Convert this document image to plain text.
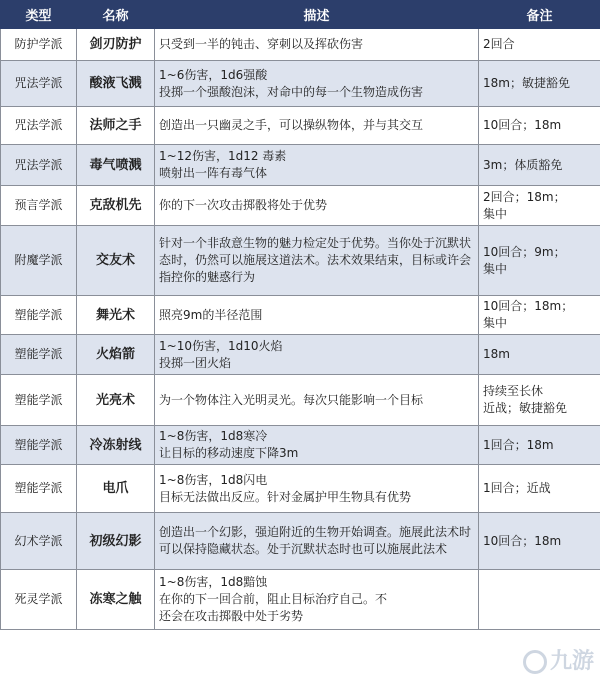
类型	名称	描述	备注
防护学派	剑刃防护	只受到一半的钝击、穿刺以及挥砍伤害	2回合

咒法学派	酸液飞溅	1~6伤害，1d6强酸
投掷一个强酸泡沫，对命中的每一个生物造成伤害	18m；敏捷豁免

咒法学派	法师之手	创造出一只幽灵之手，可以操纵物体，并与其交互	10回合；18m

咒法学派	毒气喷溅	1~12伤害，1d12 毒素
喷射出一阵有毒气体	3m；体质豁免

预言学派	克敌机先	你的下一次攻击掷骰将处于优势	2回合；18m；
集中

附魔学派	交友术	针对一个非敌意生物的魅力检定处于优势。当你处于沉默状态时，仍然可以施展这道法术。法术效果结束，目标或许会指控你的魅惑行为	10回合；9m；
集中

塑能学派	舞光术	照亮9m的半径范围	10回合；18m；
集中

塑能学派	火焰箭	1~10伤害，1d10火焰
投掷一团火焰	18m

塑能学派	光亮术	为一个物体注入光明灵光。每次只能影响一个目标	持续至长休
近战；敏捷豁免

塑能学派	冷冻射线	1~8伤害，1d8寒冷
让目标的移动速度下降3m	1回合；18m

塑能学派	电爪	1~8伤害，1d8闪电
目标无法做出反应。针对金属护甲生物具有优势	1回合；近战

幻术学派	初级幻影	创造出一个幻影，强迫附近的生物开始调查。施展此法术时可以保持隐藏状态。处于沉默状态时也可以施展此法术	10回合；18m

死灵学派	冻寒之触	1~8伤害，1d8黯蚀
在你的下一回合前，阻止目标治疗自己。不
还会在攻击掷骰中处于劣势	

九游
